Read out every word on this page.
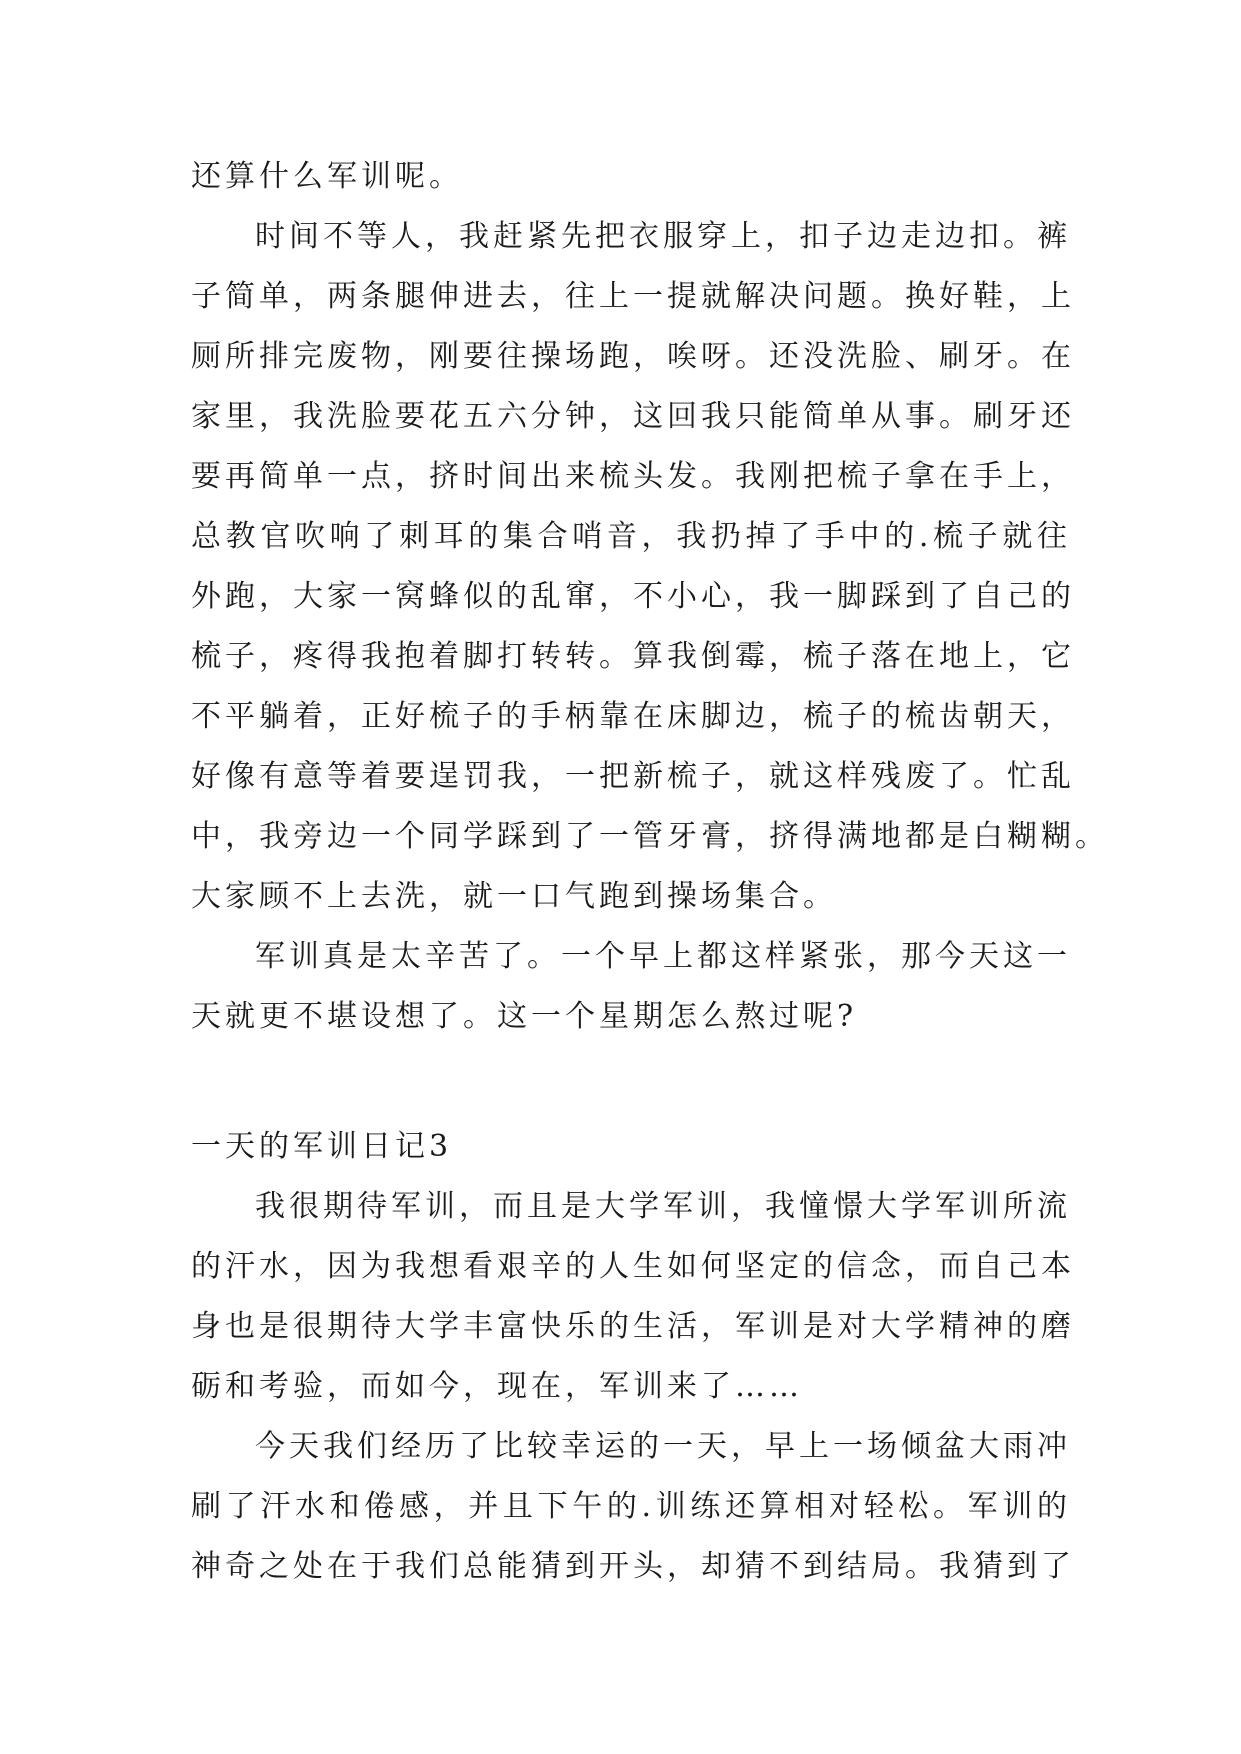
还算什么军训呢。
时间不等人，我赶紧先把衣服穿上，扣子边走边扣。裤
子简单，两条腿伸进去，往上一提就解决问题。换好鞋，上
厕所排完废物，刚要往操场跑，唉呀。还没洗脸、刷牙。在
家里，我洗脸要花五六分钟，这回我只能简单从事。刷牙还
要再简单一点，挤时间出来梳头发。我刚把梳子拿在手上，
总教官吹响了刺耳的集合哨音，我扔掉了手中的.梳子就往
外跑，大家一窝蜂似的乱窜，不小心，我一脚踩到了自己的
梳子，疼得我抱着脚打转转。算我倒霉，梳子落在地上，它
不平躺着，正好梳子的手柄靠在床脚边，梳子的梳齿朝天，
好像有意等着要逞罚我，一把新梳子，就这样残废了。忙乱
中，我旁边一个同学踩到了一管牙膏，挤得满地都是白糊糊。
大家顾不上去洗，就一口气跑到操场集合。
军训真是太辛苦了。一个早上都这样紧张，那今天这一
天就更不堪设想了。这一个星期怎么熬过呢?
一天的军训日记3
我很期待军训，而且是大学军训，我憧憬大学军训所流
的汗水，因为我想看艰辛的人生如何坚定的信念，而自己本
身也是很期待大学丰富快乐的生活，军训是对大学精神的磨
砺和考验，而如今，现在，军训来了……
今天我们经历了比较幸运的一天，早上一场倾盆大雨冲
刷了汗水和倦感，并且下午的.训练还算相对轻松。军训的
神奇之处在于我们总能猜到开头，却猜不到结局。我猜到了
